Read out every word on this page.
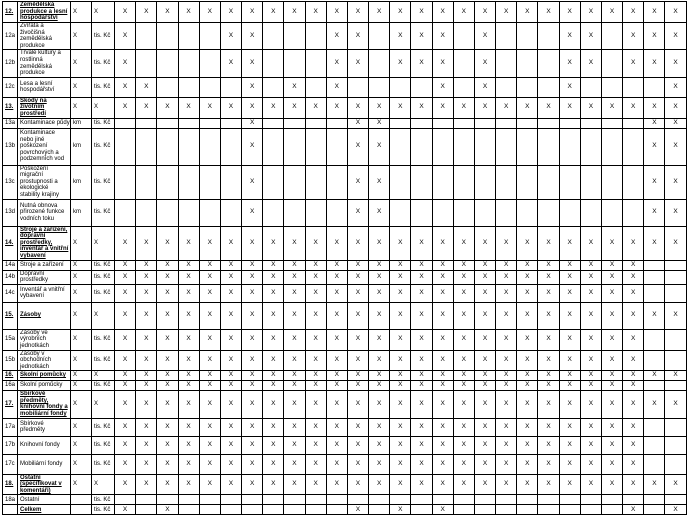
12.	Zemědělská produkce a lesní hospodářství	X	X	X	X	X	X	X	X	X	X	X	X	X	X	X	X	X	X	X	X	X	X	X	X	X	X	X	X	X
12a	Zvířata a živočišná zemědělská produkce	X	tis. Kč	X					X	X				X	X		X	X	X		X				X	X		X	X	X
12b	Trvalé kultury a rostlinná zemědělská produkce	X	tis. Kč	X					X	X				X	X		X	X	X		X				X	X		X	X	X
12c	Lesa a lesní hospodářství	X	tis. Kč	X	X					X		X		X					X		X				X					X
13.	Škody na životním prostředí	X	X	X	X	X	X	X	X	X	X	X	X	X	X	X	X	X	X	X	X	X	X	X	X	X	X	X	X	X
13a	Kontaminace půdy	km	tis. Kč							X					X	X													X	X
13b	Kontaminace nebo jiné poškození povrchových a podzemních vod	km	tis. Kč							X					X	X													X	X
13c	Poškození migrační prostupnosti a ekologické stability krajiny	km	tis. Kč							X					X	X													X	X
13d	Nutná obnova přirozené funkce vodních toku	km	tis. Kč							X					X	X													X	X
14.	Stroje a zařízení, dopravní prostředky, inventář a vnitřní vybavení	X	X	X	X	X	X	X	X	X	X	X	X	X	X	X	X	X	X	X	X	X	X	X	X	X	X	X	X	X
14a	Stroje a zařízení	X	tis. Kč	X	X	X	X	X	X	X	X	X	X	X	X	X	X	X	X	X	X	X	X	X	X	X	X	X		
14b	Dopravní prostředky	X	tis. Kč	X	X	X	X	X	X	X	X	X	X	X	X	X	X	X	X	X	X	X	X	X	X	X	X	X		
14c	Inventář a vnitřní vybavení	X	tis. Kč	X	X	X	X	X	X	X	X	X	X	X	X	X	X	X	X	X	X	X	X	X	X	X	X	X		
15.	Zásoby	X	X	X	X	X	X	X	X	X	X	X	X	X	X	X	X	X	X	X	X	X	X	X	X	X	X	X	X	X
15a	Zásoby ve výrobních jednotkách	X	tis. Kč	X	X	X	X	X	X	X	X	X	X	X	X	X	X	X	X	X	X	X	X	X	X	X	X	X		
15b	Zásoby v obchodních jednotkách	X	tis. Kč	X	X	X	X	X	X	X	X	X	X	X	X	X	X	X	X	X	X	X	X	X	X	X	X	X		
16.	Školní pomůcky	X	X	X	X	X	X	X	X	X	X	X	X	X	X	X	X	X	X	X	X	X	X	X	X	X	X	X	X	X
16a	Školní pomůcky	X	tis. Kč	X	X	X	X	X	X	X	X	X	X	X	X	X	X	X	X	X	X	X	X	X	X	X	X	X		
17.	Sbírkové předměty, knihovní fondy a mobiliární fondy	X	X	X	X	X	X	X	X	X	X	X	X	X	X	X	X	X	X	X	X	X	X	X	X	X	X	X	X	X
17a	Sbírkové předměty	X	tis. Kč	X	X	X	X	X	X	X	X	X	X	X	X	X	X	X	X	X	X	X	X	X	X	X	X	X		
17b	Knihovní fondy	X	tis. Kč	X	X	X	X	X	X	X	X	X	X	X	X	X	X	X	X	X	X	X	X	X	X	X	X	X		
17c	Mobiliární fondy	X	tis. Kč	X	X	X	X	X	X	X	X	X	X	X	X	X	X	X	X	X	X	X	X	X	X	X	X	X		
18.	Ostatní (specifikovat v komentáři)	X	X	X	X	X	X	X	X	X	X	X	X	X	X	X	X	X	X	X	X	X	X	X	X	X	X	X	X	X
18a	Ostatní		tis. Kč																											
	Celkem		tis. Kč	X		X									X		X		X									X		X
